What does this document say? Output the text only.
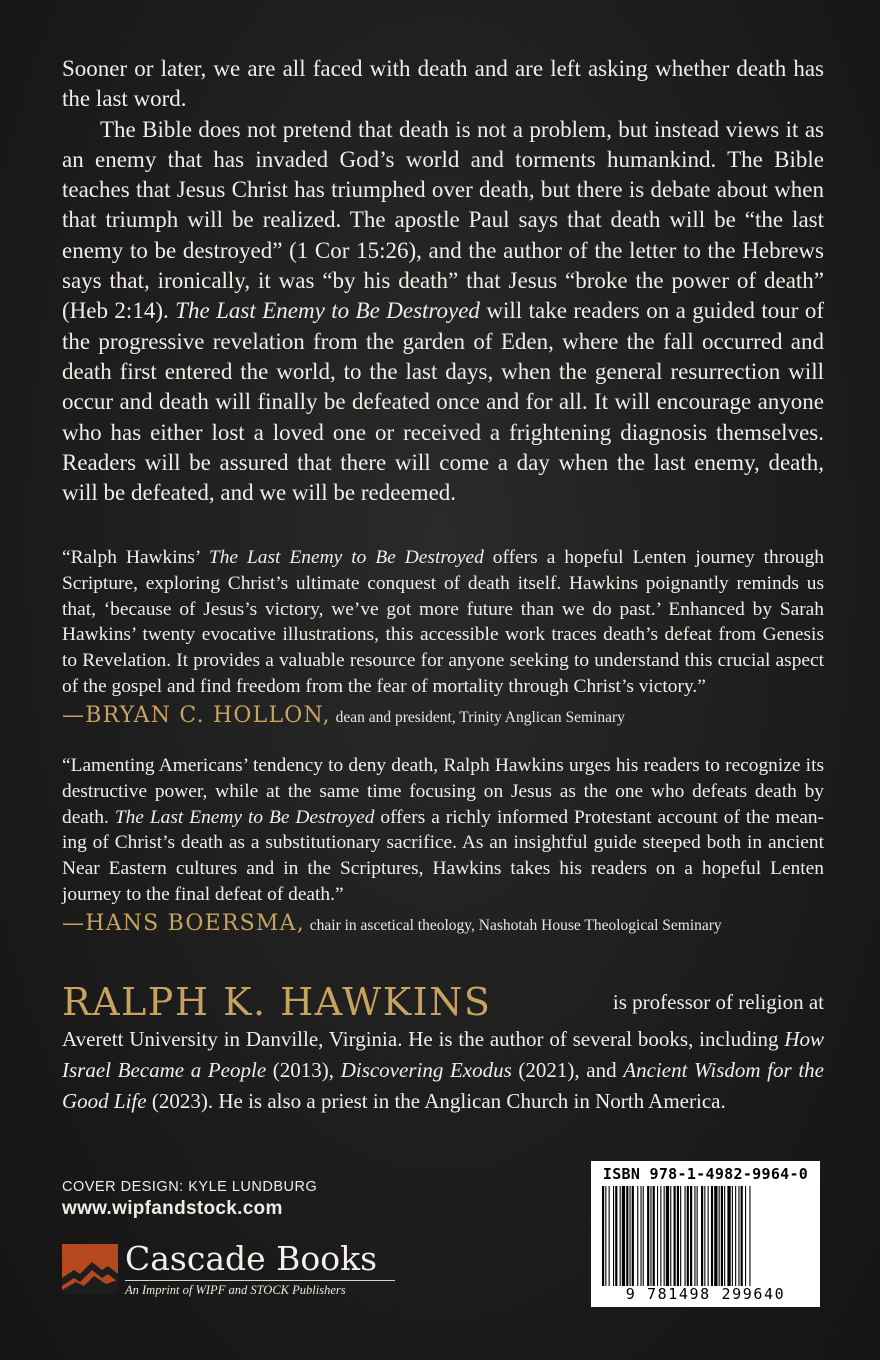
Sooner or later, we are all faced with death and are left asking whether death has the last word.

The Bible does not pretend that death is not a problem, but instead views it as an enemy that has invaded God’s world and torments humankind. The Bible teaches that Jesus Christ has triumphed over death, but there is debate about when that triumph will be realized. The apostle Paul says that death will be “the last enemy to be destroyed” (1 Cor 15:26), and the author of the letter to the Hebrews says that, ironically, it was “by his death” that Jesus “broke the power of death” (Heb 2:14). The Last Enemy to Be Destroyed will take readers on a guided tour of the progressive revelation from the garden of Eden, where the fall occurred and death first entered the world, to the last days, when the general resurrection will occur and death will finally be defeated once and for all. It will encourage anyone who has either lost a loved one or received a frightening diagnosis themselves. Readers will be assured that there will come a day when the last enemy, death, will be defeated, and we will be redeemed.

“Ralph Hawkins’ The Last Enemy to Be Destroyed offers a hopeful Lenten journey through Scripture, exploring Christ’s ultimate conquest of death itself. Hawkins poignantly reminds us that, ‘because of Jesus’s victory, we’ve got more future than we do past.’ Enhanced by Sarah Hawkins’ twenty evocative illustrations, this accessible work traces death’s defeat from Genesis to Revelation. It provides a valuable resource for anyone seeking to understand this crucial aspect of the gospel and find freedom from the fear of mortality through Christ’s victory.”

—BRYAN C. HOLLON, dean and president, Trinity Anglican Seminary

“Lamenting Americans’ tendency to deny death, Ralph Hawkins urges his readers to recognize its destructive power, while at the same time focusing on Jesus as the one who defeats death by death. The Last Enemy to Be Destroyed offers a richly informed Protestant account of the meaning of Christ’s death as a substitutionary sacrifice. As an insightful guide steeped both in ancient Near Eastern cultures and in the Scriptures, Hawkins takes his readers on a hopeful Lenten journey to the final defeat of death.”

—HANS BOERSMA, chair in ascetical theology, Nashotah House Theological Seminary
RALPH K. HAWKINS	is professor of religion at
Averett University in Danville, Virginia. He is the author of several books, including How Israel Became a People (2013), Discovering Exodus (2021), and Ancient Wisdom for the Good Life (2023). He is also a priest in the Anglican Church in North America.
COVER DESIGN: KYLE LUNDBURG
www.wipfandstock.com
Cascade Books
An Imprint of WIPF and STOCK Publishers
ISBN 978-1-4982-9964-0
9 781498 299640
